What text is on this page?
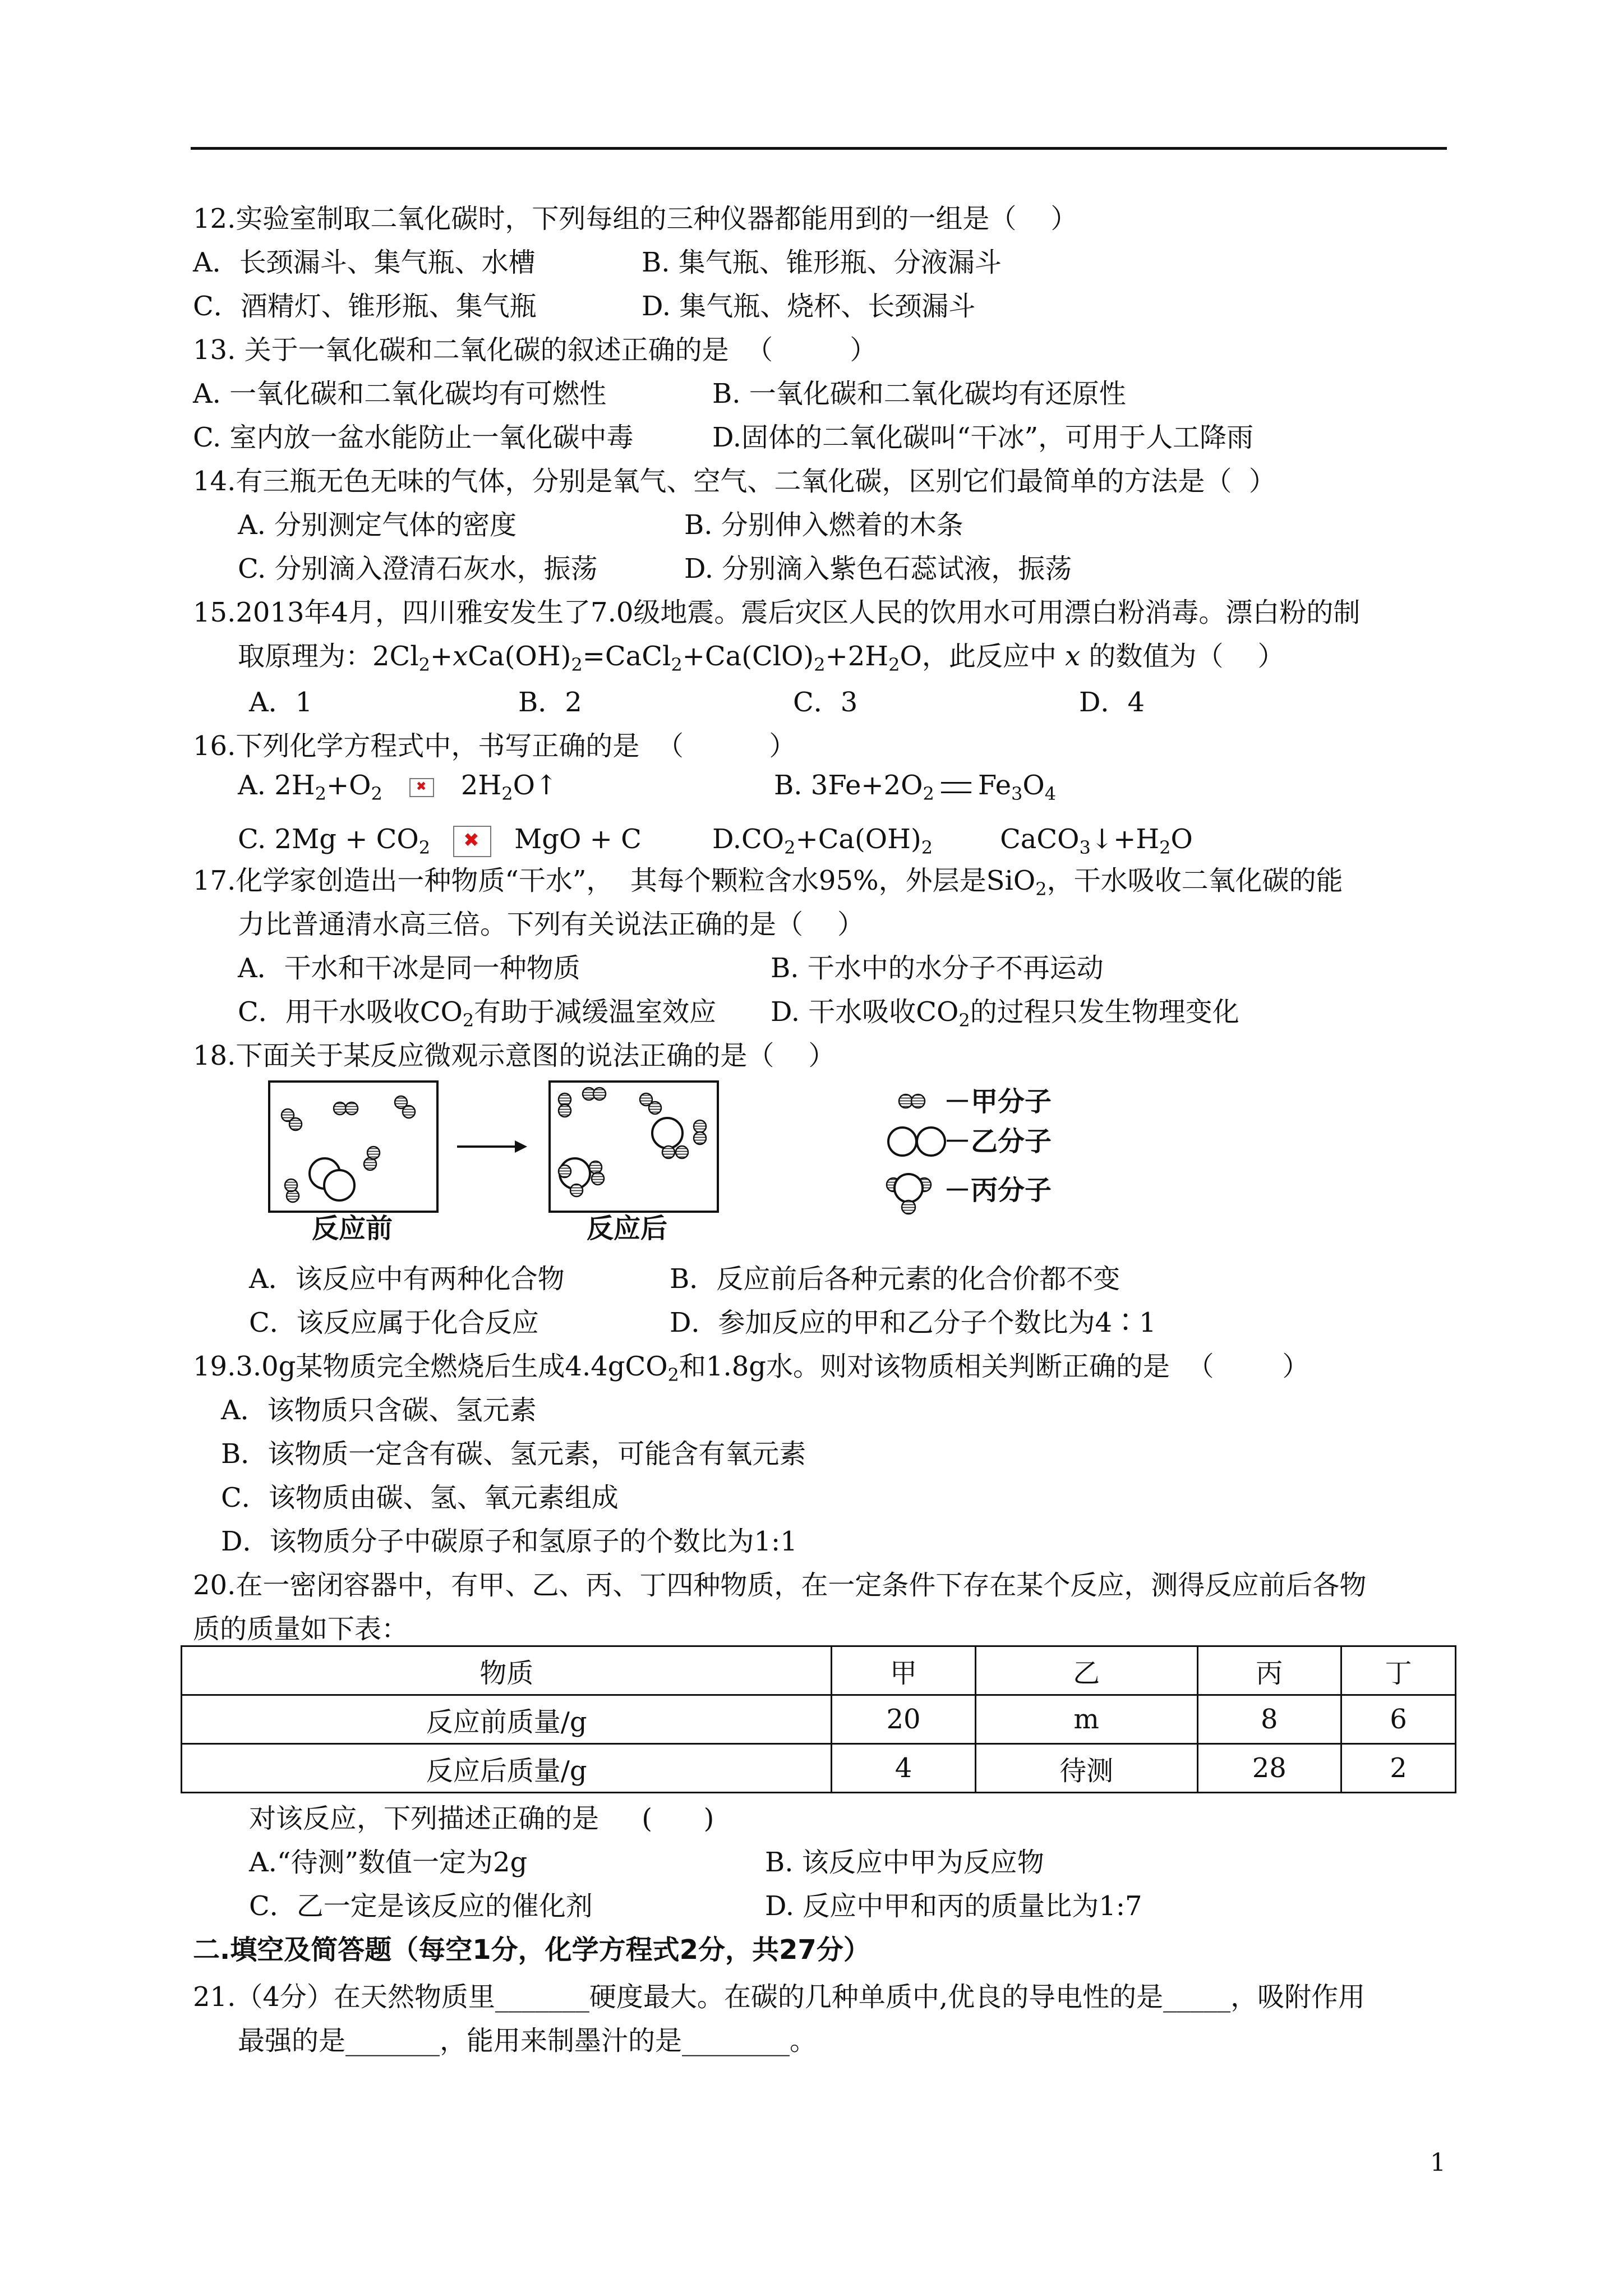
12.实验室制取二氧化碳时，下列每组的三种仪器都能用到的一组是（    ）
A．长颈漏斗、集气瓶、水槽	B. 集气瓶、锥形瓶、分液漏斗
C．酒精灯、锥形瓶、集气瓶	D. 集气瓶、烧杯、长颈漏斗
13. 关于一氧化碳和二氧化碳的叙述正确的是  （         ）
A. 一氧化碳和二氧化碳均有可燃性	B. 一氧化碳和二氧化碳均有还原性
C. 室内放一盆水能防止一氧化碳中毒	D.固体的二氧化碳叫“干冰”，可用于人工降雨
14.有三瓶无色无味的气体，分别是氧气、空气、二氧化碳，区别它们最简单的方法是（  ）
A. 分别测定气体的密度	B. 分别伸入燃着的木条
C. 分别滴入澄清石灰水，振荡	D. 分别滴入紫色石蕊试液，振荡
15.2013年4月，四川雅安发生了7.0级地震。震后灾区人民的饮用水可用漂白粉消毒。漂白粉的制
取原理为：$2Cl_2+xCa(OH)_2=CaCl_2+Ca(ClO)_2+2H_2O$，此反应中 x 的数值为（    ）
A．1	B．2	C．3	D．4
16.下列化学方程式中，书写正确的是  （          ）
A. $2H_2+O_2$ ✖	$2H_2O↑$	B. $3Fe+2O_2$ $Fe_3O_4$
C. $2Mg + CO_2$ ✖	MgO + C	$D.CO_2+Ca(OH)_2$	$CaCO_3↓+H_2O$
17.化学家创造出一种物质“干水”，  其每个颗粒含水95%，外层是SiO$_2$，干水吸收二氧化碳的能
力比普通清水高三倍。下列有关说法正确的是（    ）
A．干水和干冰是同一种物质	B. 干水中的水分子不再运动
C．用干水吸收$CO_2$有助于减缓温室效应 D. 干水吸收$CO_2$的过程只发生物理变化
18.下面关于某反应微观示意图的说法正确的是（    ）
反应前	反应后
－甲分子
－乙分子
－丙分子
A．该反应中有两种化合物	B．反应前后各种元素的化合价都不变
C．该反应属于化合反应	D．参加反应的甲和乙分子个数比为4∶1
19.3.0g某物质完全燃烧后生成4.4gCO$_2$和1.8g水。则对该物质相关判断正确的是  （        ）
A．该物质只含碳、氢元素
B．该物质一定含有碳、氢元素，可能含有氧元素
C．该物质由碳、氢、氧元素组成
D．该物质分子中碳原子和氢原子的个数比为1:1
20.在一密闭容器中，有甲、乙、丙、丁四种物质，在一定条件下存在某个反应，测得反应前后各物
质的质量如下表：
物质	甲	乙	丙	丁
反应前质量/g	20	m	8	6
反应后质量/g	4	待测	28	2
对该反应，下列描述正确的是     (      )
A.“待测”数值一定为2g	B. 该反应中甲为反应物
C．乙一定是该反应的催化剂	D. 反应中甲和丙的质量比为1:7
二.填空及简答题（每空1分，化学方程式2分，共27分）
21.（4分）在天然物质里_______硬度最大。在碳的几种单质中,优良的导电性的是_____，吸附作用
最强的是_______，能用来制墨汁的是________。
1
